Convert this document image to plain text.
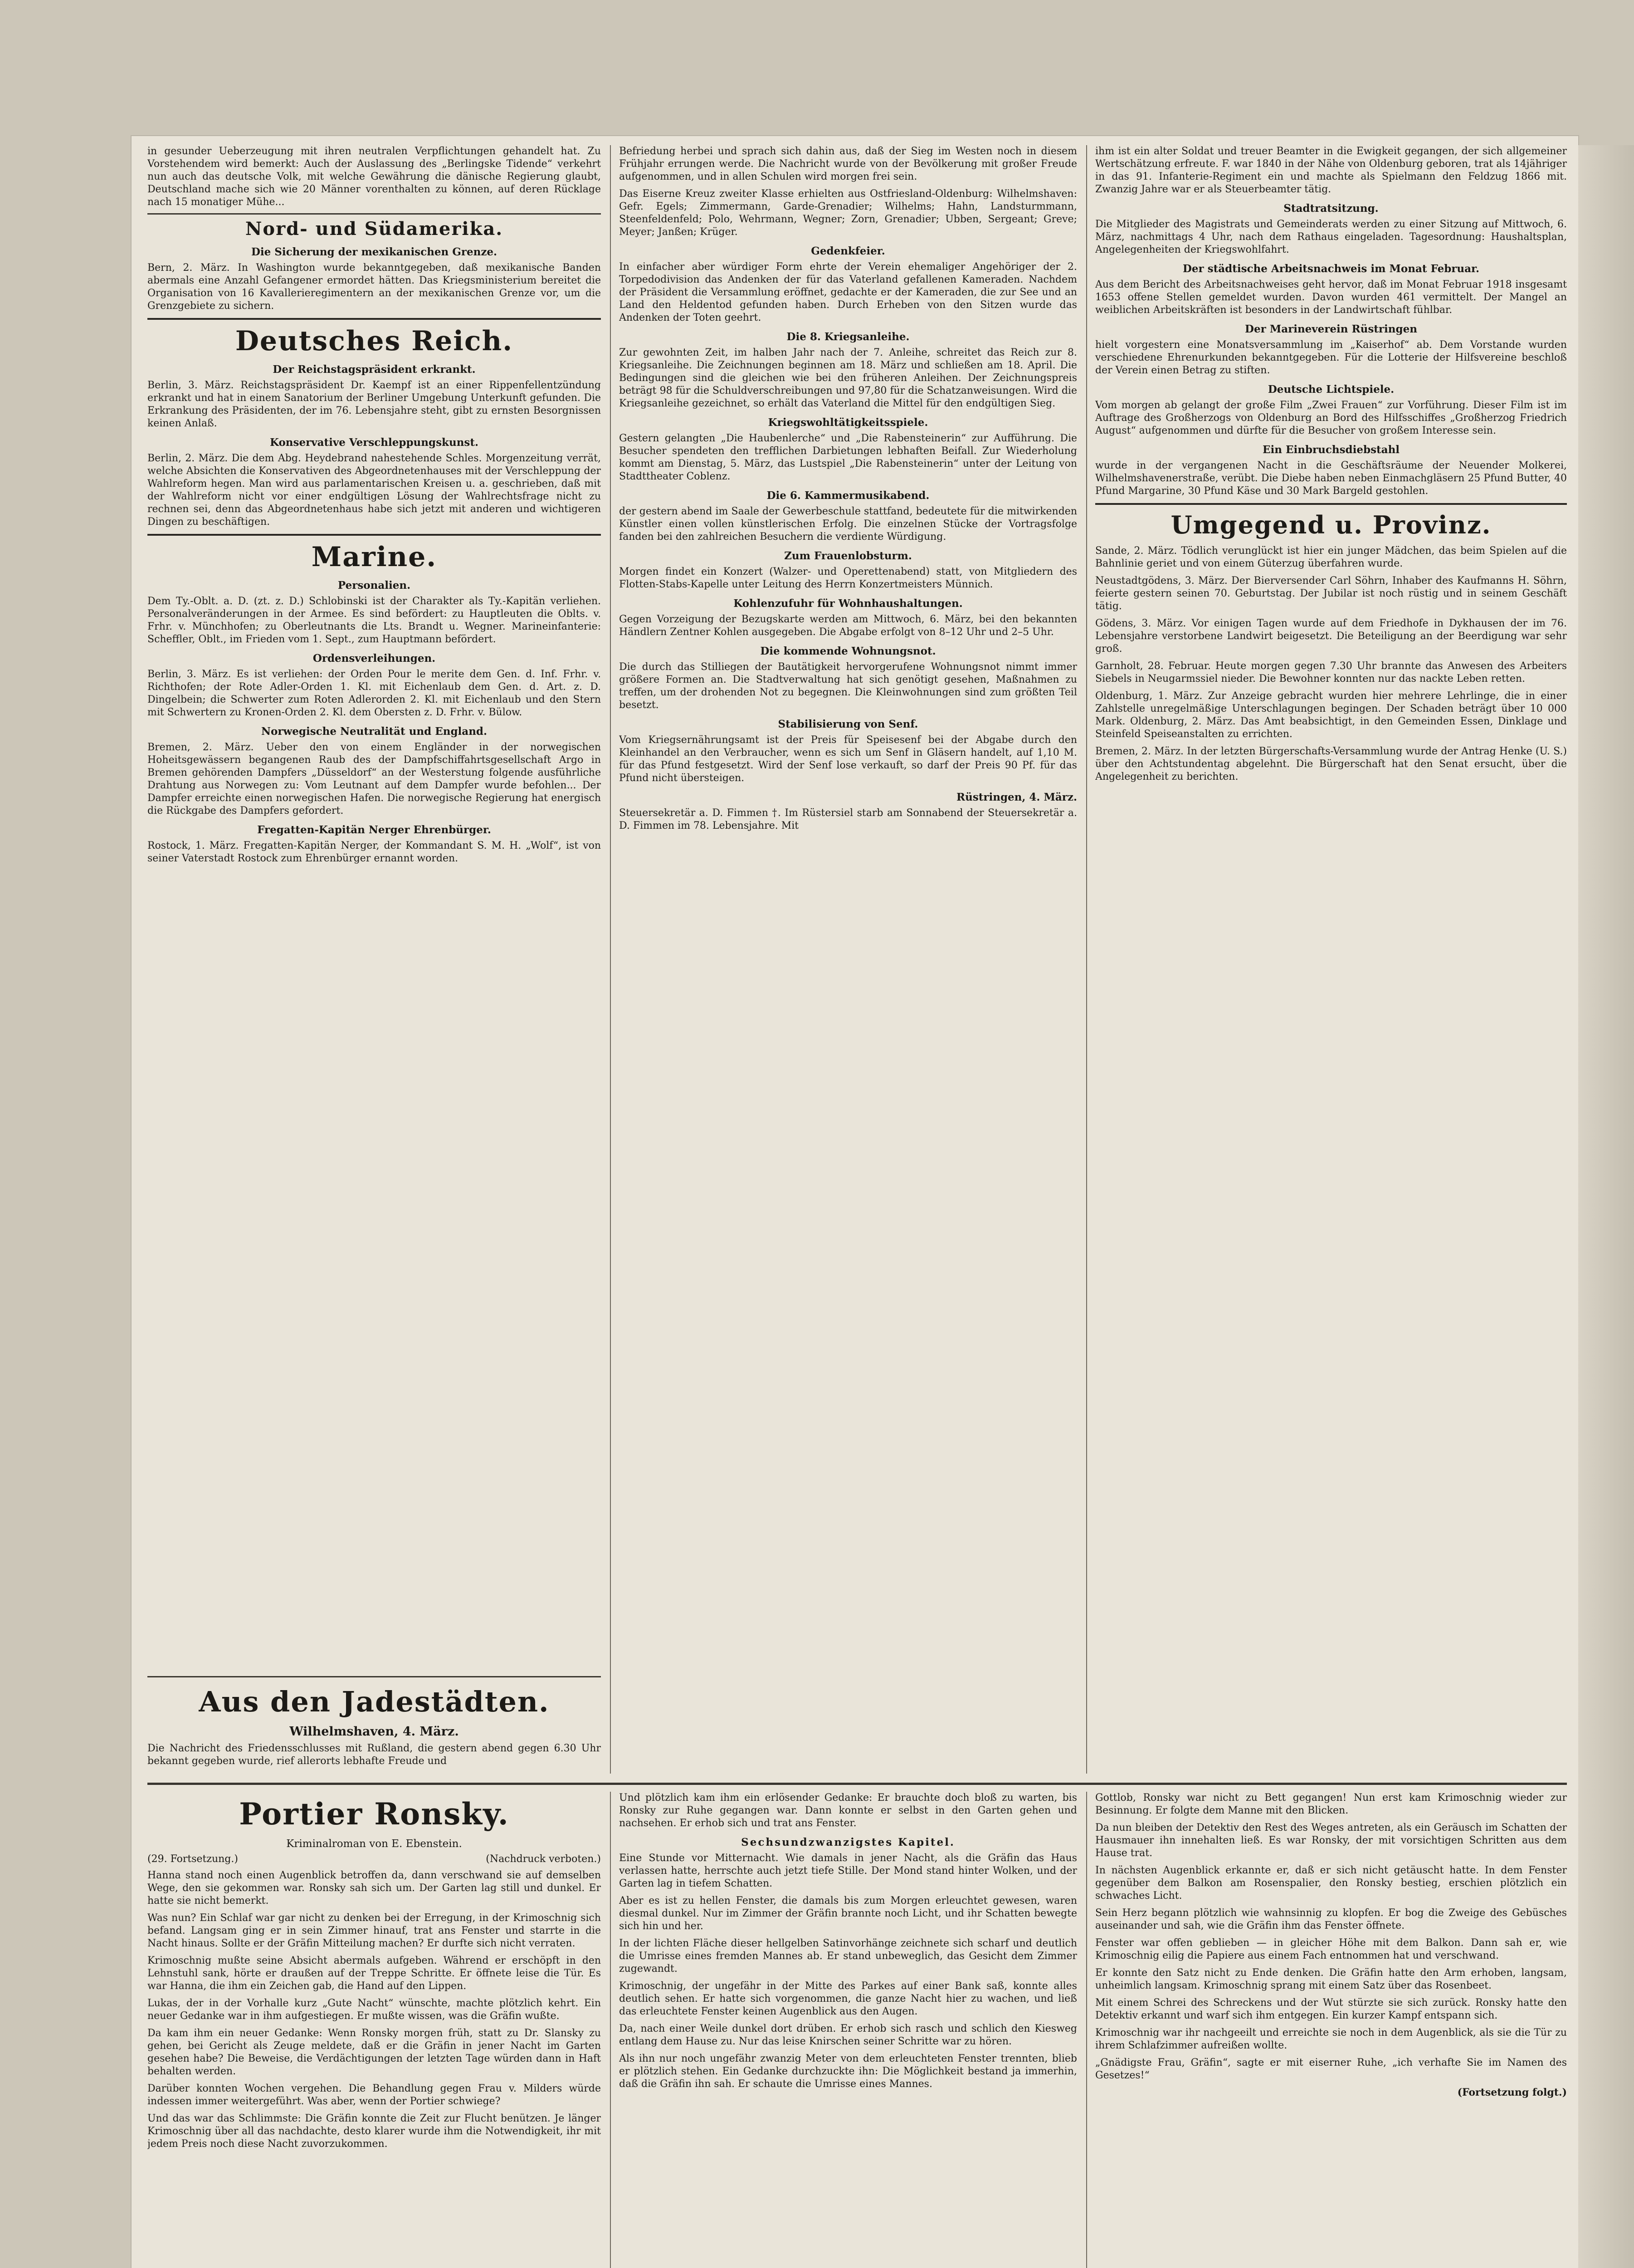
in gesunder Ueberzeugung mit ihren neutralen Verpflichtungen gehandelt hat. Zu Vorstehendem wird bemerkt: Auch der Auslassung des „Berlingske Tidende“ verkehrt nun auch das deutsche Volk, mit welche Gewährung die dänische Regierung glaubt, Deutschland mache sich wie 20 Männer vorenthalten zu können, auf deren Rücklage nach 15 monatiger Mühe...

Nord- und Südamerika.
Die Sicherung der mexikanischen Grenze.

Bern, 2. März. In Washington wurde bekanntgegeben, daß mexikanische Banden abermals eine Anzahl Gefangener ermordet hätten. Das Kriegsministerium bereitet die Organisation von 16 Kavallerieregimentern an der mexikanischen Grenze vor, um die Grenzgebiete zu sichern.

Deutsches Reich.
Der Reichstagspräsident erkrankt.

Berlin, 3. März. Reichstagspräsident Dr. Kaempf ist an einer Rippenfellentzündung erkrankt und hat in einem Sanatorium der Berliner Umgebung Unterkunft gefunden. Die Erkrankung des Präsidenten, der im 76. Lebensjahre steht, gibt zu ernsten Besorgnissen keinen Anlaß.

Konservative Verschleppungskunst.

Berlin, 2. März. Die dem Abg. Heydebrand nahestehende Schles. Morgenzeitung verrät, welche Absichten die Konservativen des Abgeordnetenhauses mit der Verschleppung der Wahlreform hegen. Man wird aus parlamentarischen Kreisen u. a. geschrieben, daß mit der Wahlreform nicht vor einer endgültigen Lösung der Wahlrechtsfrage nicht zu rechnen sei, denn das Abgeordnetenhaus habe sich jetzt mit anderen und wichtigeren Dingen zu beschäftigen.

Marine.
Personalien.

Dem Ty.-Oblt. a. D. (zt. z. D.) Schlobinski ist der Charakter als Ty.-Kapitän verliehen. Personalveränderungen in der Armee. Es sind befördert: zu Hauptleuten die Oblts. v. Frhr. v. Münchhofen; zu Oberleutnants die Lts. Brandt u. Wegner. Marineinfanterie: Scheffler, Oblt., im Frieden vom 1. Sept., zum Hauptmann befördert.

Ordensverleihungen.

Berlin, 3. März. Es ist verliehen: der Orden Pour le merite dem Gen. d. Inf. Frhr. v. Richthofen; der Rote Adler-Orden 1. Kl. mit Eichenlaub dem Gen. d. Art. z. D. Dingelbein; die Schwerter zum Roten Adlerorden 2. Kl. mit Eichenlaub und den Stern mit Schwertern zu Kronen-Orden 2. Kl. dem Obersten z. D. Frhr. v. Bülow.

Norwegische Neutralität und England.

Bremen, 2. März. Ueber den von einem Engländer in der norwegischen Hoheitsgewässern begangenen Raub des der Dampfschiffahrtsgesellschaft Argo in Bremen gehörenden Dampfers „Düsseldorf“ an der Westerstung folgende ausführliche Drahtung aus Norwegen zu: Vom Leutnant auf dem Dampfer wurde befohlen... Der Dampfer erreichte einen norwegischen Hafen. Die norwegische Regierung hat energisch die Rückgabe des Dampfers gefordert.

Fregatten-Kapitän Nerger Ehrenbürger.

Rostock, 1. März. Fregatten-Kapitän Nerger, der Kommandant S. M. H. „Wolf“, ist von seiner Vaterstadt Rostock zum Ehrenbürger ernannt worden.

Aus den Jadestädten.
Wilhelmshaven, 4. März.

Die Nachricht des Friedensschlusses mit Rußland, die gestern abend gegen 6.30 Uhr bekannt gegeben wurde, rief allerorts lebhafte Freude und

Befriedung herbei und sprach sich dahin aus, daß der Sieg im Westen noch in diesem Frühjahr errungen werde. Die Nachricht wurde von der Bevölkerung mit großer Freude aufgenommen, und in allen Schulen wird morgen frei sein.

Das Eiserne Kreuz zweiter Klasse erhielten aus Ostfriesland-Oldenburg: Wilhelmshaven: Gefr. Egels; Zimmermann, Garde-Grenadier; Wilhelms; Hahn, Landsturmmann, Steenfeldenfeld; Polo, Wehrmann, Wegner; Zorn, Grenadier; Ubben, Sergeant; Greve; Meyer; Janßen; Krüger.

Gedenkfeier.

In einfacher aber würdiger Form ehrte der Verein ehemaliger Angehöriger der 2. Torpedodivision das Andenken der für das Vaterland gefallenen Kameraden. Nachdem der Präsident die Versammlung eröffnet, gedachte er der Kameraden, die zur See und an Land den Heldentod gefunden haben. Durch Erheben von den Sitzen wurde das Andenken der Toten geehrt.

Die 8. Kriegsanleihe.

Zur gewohnten Zeit, im halben Jahr nach der 7. Anleihe, schreitet das Reich zur 8. Kriegsanleihe. Die Zeichnungen beginnen am 18. März und schließen am 18. April. Die Bedingungen sind die gleichen wie bei den früheren Anleihen. Der Zeichnungspreis beträgt 98 für die Schuldverschreibungen und 97,80 für die Schatzanweisungen. Wird die Kriegsanleihe gezeichnet, so erhält das Vaterland die Mittel für den endgültigen Sieg.

Kriegswohltätigkeitsspiele.

Gestern gelangten „Die Haubenlerche“ und „Die Rabensteinerin“ zur Aufführung. Die Besucher spendeten den trefflichen Darbietungen lebhaften Beifall. Zur Wiederholung kommt am Dienstag, 5. März, das Lustspiel „Die Rabensteinerin“ unter der Leitung von Stadttheater Coblenz.

Die 6. Kammermusikabend.

der gestern abend im Saale der Gewerbeschule stattfand, bedeutete für die mitwirkenden Künstler einen vollen künstlerischen Erfolg. Die einzelnen Stücke der Vortragsfolge fanden bei den zahlreichen Besuchern die verdiente Würdigung.

Zum Frauenlobsturm.

Morgen findet ein Konzert (Walzer- und Operettenabend) statt, von Mitgliedern des Flotten-Stabs-Kapelle unter Leitung des Herrn Konzertmeisters Münnich.

Kohlenzufuhr für Wohnhaushaltungen.

Gegen Vorzeigung der Bezugskarte werden am Mittwoch, 6. März, bei den bekannten Händlern Zentner Kohlen ausgegeben. Die Abgabe erfolgt von 8–12 Uhr und 2–5 Uhr.

Die kommende Wohnungsnot.

Die durch das Stilliegen der Bautätigkeit hervorgerufene Wohnungsnot nimmt immer größere Formen an. Die Stadtverwaltung hat sich genötigt gesehen, Maßnahmen zu treffen, um der drohenden Not zu begegnen. Die Kleinwohnungen sind zum größten Teil besetzt.

Stabilisierung von Senf.

Vom Kriegsernährungsamt ist der Preis für Speisesenf bei der Abgabe durch den Kleinhandel an den Verbraucher, wenn es sich um Senf in Gläsern handelt, auf 1,10 M. für das Pfund festgesetzt. Wird der Senf lose verkauft, so darf der Preis 90 Pf. für das Pfund nicht übersteigen.

Rüstringen, 4. März.

Steuersekretär a. D. Fimmen †. Im Rüstersiel starb am Sonnabend der Steuersekretär a. D. Fimmen im 78. Lebensjahre. Mit

ihm ist ein alter Soldat und treuer Beamter in die Ewigkeit gegangen, der sich allgemeiner Wertschätzung erfreute. F. war 1840 in der Nähe von Oldenburg geboren, trat als 14jähriger in das 91. Infanterie-Regiment ein und machte als Spielmann den Feldzug 1866 mit. Zwanzig Jahre war er als Steuerbeamter tätig.

Stadtratsitzung.

Die Mitglieder des Magistrats und Gemeinderats werden zu einer Sitzung auf Mittwoch, 6. März, nachmittags 4 Uhr, nach dem Rathaus eingeladen. Tagesordnung: Haushaltsplan, Angelegenheiten der Kriegswohlfahrt.

Der städtische Arbeitsnachweis im Monat Februar.

Aus dem Bericht des Arbeitsnachweises geht hervor, daß im Monat Februar 1918 insgesamt 1653 offene Stellen gemeldet wurden. Davon wurden 461 vermittelt. Der Mangel an weiblichen Arbeitskräften ist besonders in der Landwirtschaft fühlbar.

Der Marineverein Rüstringen

hielt vorgestern eine Monatsversammlung im „Kaiserhof“ ab. Dem Vorstande wurden verschiedene Ehrenurkunden bekanntgegeben. Für die Lotterie der Hilfsvereine beschloß der Verein einen Betrag zu stiften.

Deutsche Lichtspiele.

Vom morgen ab gelangt der große Film „Zwei Frauen“ zur Vorführung. Dieser Film ist im Auftrage des Großherzogs von Oldenburg an Bord des Hilfsschiffes „Großherzog Friedrich August“ aufgenommen und dürfte für die Besucher von großem Interesse sein.

Ein Einbruchsdiebstahl

wurde in der vergangenen Nacht in die Geschäftsräume der Neuender Molkerei, Wilhelmshavenerstraße, verübt. Die Diebe haben neben Einmachgläsern 25 Pfund Butter, 40 Pfund Margarine, 30 Pfund Käse und 30 Mark Bargeld gestohlen.

Umgegend u. Provinz.

Sande, 2. März. Tödlich verunglückt ist hier ein junger Mädchen, das beim Spielen auf die Bahnlinie geriet und von einem Güterzug überfahren wurde.

Neustadtgödens, 3. März. Der Bierversender Carl Söhrn, Inhaber des Kaufmanns H. Söhrn, feierte gestern seinen 70. Geburtstag. Der Jubilar ist noch rüstig und in seinem Geschäft tätig.

Gödens, 3. März. Vor einigen Tagen wurde auf dem Friedhofe in Dykhausen der im 76. Lebensjahre verstorbene Landwirt beigesetzt. Die Beteiligung an der Beerdigung war sehr groß.

Garnholt, 28. Februar. Heute morgen gegen 7.30 Uhr brannte das Anwesen des Arbeiters Siebels in Neugarmssiel nieder. Die Bewohner konnten nur das nackte Leben retten.

Oldenburg, 1. März. Zur Anzeige gebracht wurden hier mehrere Lehrlinge, die in einer Zahlstelle unregelmäßige Unterschlagungen begingen. Der Schaden beträgt über 10 000 Mark. Oldenburg, 2. März. Das Amt beabsichtigt, in den Gemeinden Essen, Dinklage und Steinfeld Speiseanstalten zu errichten.

Bremen, 2. März. In der letzten Bürgerschafts-Versammlung wurde der Antrag Henke (U. S.) über den Achtstundentag abgelehnt. Die Bürgerschaft hat den Senat ersucht, über die Angelegenheit zu berichten.

Portier Ronsky.
Kriminalroman von E. Ebenstein.
(29. Fortsetzung.)	(Nachdruck verboten.)

Hanna stand noch einen Augenblick betroffen da, dann verschwand sie auf demselben Wege, den sie gekommen war. Ronsky sah sich um. Der Garten lag still und dunkel. Er hatte sie nicht bemerkt.

Was nun? Ein Schlaf war gar nicht zu denken bei der Erregung, in der Krimoschnig sich befand. Langsam ging er in sein Zimmer hinauf, trat ans Fenster und starrte in die Nacht hinaus. Sollte er der Gräfin Mitteilung machen? Er durfte sich nicht verraten.

Krimoschnig mußte seine Absicht abermals aufgeben. Während er erschöpft in den Lehnstuhl sank, hörte er draußen auf der Treppe Schritte. Er öffnete leise die Tür. Es war Hanna, die ihm ein Zeichen gab, die Hand auf den Lippen.

Lukas, der in der Vorhalle kurz „Gute Nacht“ wünschte, machte plötzlich kehrt. Ein neuer Gedanke war in ihm aufgestiegen. Er mußte wissen, was die Gräfin wußte.

Da kam ihm ein neuer Gedanke: Wenn Ronsky morgen früh, statt zu Dr. Slansky zu gehen, bei Gericht als Zeuge meldete, daß er die Gräfin in jener Nacht im Garten gesehen habe? Die Beweise, die Verdächtigungen der letzten Tage würden dann in Haft behalten werden.

Darüber konnten Wochen vergehen. Die Behandlung gegen Frau v. Milders würde indessen immer weitergeführt. Was aber, wenn der Portier schwiege?

Und das war das Schlimmste: Die Gräfin konnte die Zeit zur Flucht benützen. Je länger Krimoschnig über all das nachdachte, desto klarer wurde ihm die Notwendigkeit, ihr mit jedem Preis noch diese Nacht zuvorzukommen.

Und plötzlich kam ihm ein erlösender Gedanke: Er brauchte doch bloß zu warten, bis Ronsky zur Ruhe gegangen war. Dann konnte er selbst in den Garten gehen und nachsehen. Er erhob sich und trat ans Fenster.

Sechsundzwanzigstes Kapitel.

Eine Stunde vor Mitternacht. Wie damals in jener Nacht, als die Gräfin das Haus verlassen hatte, herrschte auch jetzt tiefe Stille. Der Mond stand hinter Wolken, und der Garten lag in tiefem Schatten.

Aber es ist zu hellen Fenster, die damals bis zum Morgen erleuchtet gewesen, waren diesmal dunkel. Nur im Zimmer der Gräfin brannte noch Licht, und ihr Schatten bewegte sich hin und her.

In der lichten Fläche dieser hellgelben Satinvorhänge zeichnete sich scharf und deutlich die Umrisse eines fremden Mannes ab. Er stand unbeweglich, das Gesicht dem Zimmer zugewandt.

Krimoschnig, der ungefähr in der Mitte des Parkes auf einer Bank saß, konnte alles deutlich sehen. Er hatte sich vorgenommen, die ganze Nacht hier zu wachen, und ließ das erleuchtete Fenster keinen Augenblick aus den Augen.

Da, nach einer Weile dunkel dort drüben. Er erhob sich rasch und schlich den Kiesweg entlang dem Hause zu. Nur das leise Knirschen seiner Schritte war zu hören.

Als ihn nur noch ungefähr zwanzig Meter von dem erleuchteten Fenster trennten, blieb er plötzlich stehen. Ein Gedanke durchzuckte ihn: Die Möglichkeit bestand ja immerhin, daß die Gräfin ihn sah. Er schaute die Umrisse eines Mannes.

Gottlob, Ronsky war nicht zu Bett gegangen! Nun erst kam Krimoschnig wieder zur Besinnung. Er folgte dem Manne mit den Blicken.

Da nun bleiben der Detektiv den Rest des Weges antreten, als ein Geräusch im Schatten der Hausmauer ihn innehalten ließ. Es war Ronsky, der mit vorsichtigen Schritten aus dem Hause trat.

In nächsten Augenblick erkannte er, daß er sich nicht getäuscht hatte. In dem Fenster gegenüber dem Balkon am Rosenspalier, den Ronsky bestieg, erschien plötzlich ein schwaches Licht.

Sein Herz begann plötzlich wie wahnsinnig zu klopfen. Er bog die Zweige des Gebüsches auseinander und sah, wie die Gräfin ihm das Fenster öffnete.

Fenster war offen geblieben — in gleicher Höhe mit dem Balkon. Dann sah er, wie Krimoschnig eilig die Papiere aus einem Fach entnommen hat und verschwand.

Er konnte den Satz nicht zu Ende denken. Die Gräfin hatte den Arm erhoben, langsam, unheimlich langsam. Krimoschnig sprang mit einem Satz über das Rosenbeet.

Mit einem Schrei des Schreckens und der Wut stürzte sie sich zurück. Ronsky hatte den Detektiv erkannt und warf sich ihm entgegen. Ein kurzer Kampf entspann sich.

Krimoschnig war ihr nachgeeilt und erreichte sie noch in dem Augenblick, als sie die Tür zu ihrem Schlafzimmer aufreißen wollte.

„Gnädigste Frau, Gräfin“, sagte er mit eiserner Ruhe, „ich verhafte Sie im Namen des Gesetzes!“

(Fortsetzung folgt.)
